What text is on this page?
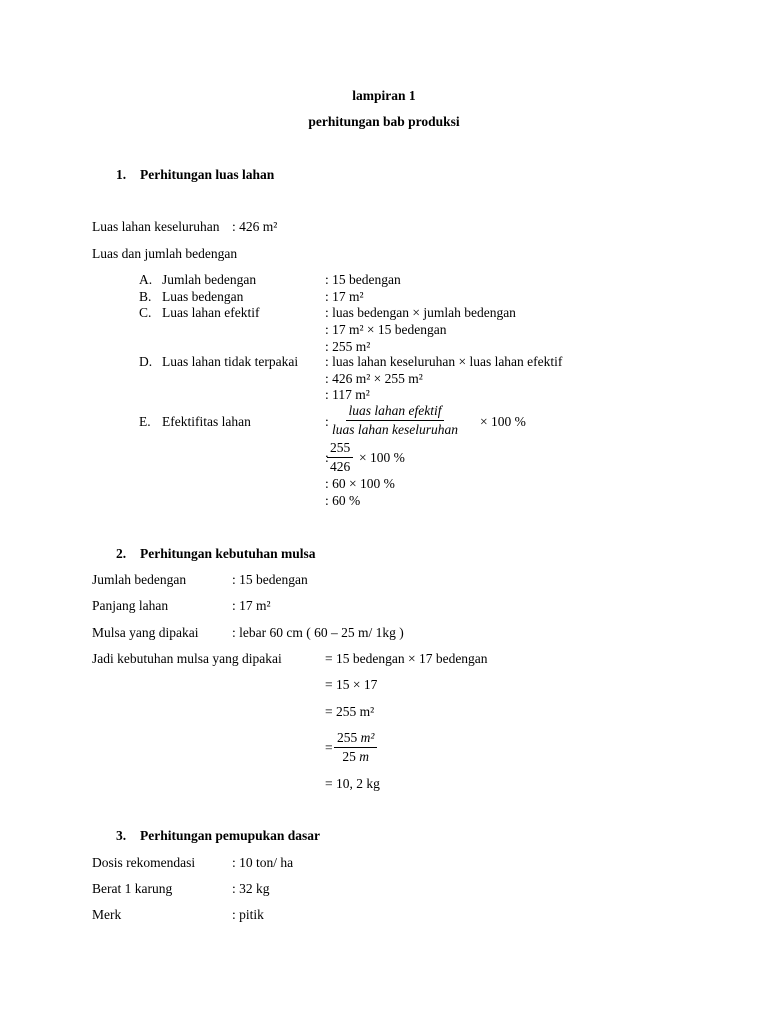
lampiran 1
perhitungan bab produksi
1. Perhitungan luas lahan
Luas lahan keseluruhan : 426 m²
Luas dan jumlah bedengan
A. Jumlah bedengan	: 15 bedengan
B. Luas bedengan	: 17 m²
C. Luas lahan efektif	: luas bedengan × jumlah bedengan
: 17 m² × 15 bedengan
: 255 m²
D. Luas lahan tidak terpakai : luas lahan keseluruhan × luas lahan efektif
: 426 m² × 255 m²
: 117 m²
E. Efektifitas lahan	:
luas lahan efektif
luas lahan keseluruhan × 100 %
:
$\frac{255}{426} \times 100$ %
: 60 × 100 %
: 60 %
2. Perhitungan kebutuhan mulsa
Jumlah bedengan	: 15 bedengan
Panjang lahan	: 17 m²
Mulsa yang dipakai : lebar 60 cm ( 60 – 25 m/ 1kg )
Jadi kebutuhan mulsa yang dipakai	= 15 bedengan × 17 bedengan
= 15 × 17
= 255 m²
= $\frac{\text{255 m²}}{25 m}$
= 10, 2 kg
3. Perhitungan pemupukan dasar
Dosis rekomendasi	: 10 ton/ ha
Berat 1 karung	: 32 kg
Merk	: pitik
